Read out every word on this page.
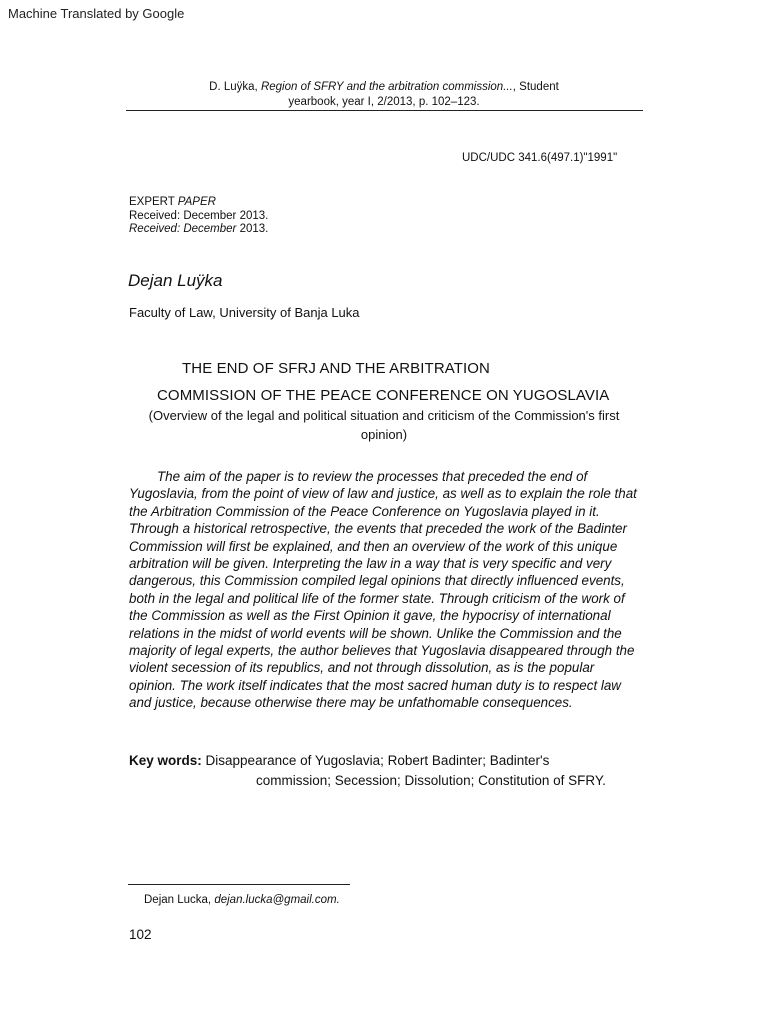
Machine Translated by Google
D. Luÿka, Region of SFRY and the arbitration commission..., Student
yearbook, year I, 2/2013, p. 102–123.
UDC/UDC 341.6(497.1)"1991"
EXPERT PAPER
Received: December 2013.
Received: December 2013.
Dejan Luÿka
Faculty of Law, University of Banja Luka
THE END OF SFRJ AND THE ARBITRATION
COMMISSION OF THE PEACE CONFERENCE ON YUGOSLAVIA
(Overview of the legal and political situation and criticism of the Commission's first opinion)

The aim of the paper is to review the processes that preceded the end of Yugoslavia, from the point of view of law and justice, as well as to explain the role that the Arbitration Commission of the Peace Conference on Yugoslavia played in it. Through a historical retrospective, the events that preceded the work of the Badinter Commission will first be explained, and then an overview of the work of this unique arbitration will be given. Interpreting the law in a way that is very specific and very dangerous, this Commission compiled legal opinions that directly influenced events, both in the legal and political life of the former state. Through criticism of the work of the Commission as well as the First Opinion it gave, the hypocrisy of international relations in the midst of world events will be shown. Unlike the Commission and the majority of legal experts, the author believes that Yugoslavia disappeared through the violent secession of its republics, and not through dissolution, as is the popular opinion. The work itself indicates that the most sacred human duty is to respect law and justice, because otherwise there may be unfathomable consequences.

Key words: Disappearance of Yugoslavia; Robert Badinter; Badinter's
commission; Secession; Dissolution; Constitution of SFRY.
Dejan Lucka, dejan.lucka@gmail.com.
102
